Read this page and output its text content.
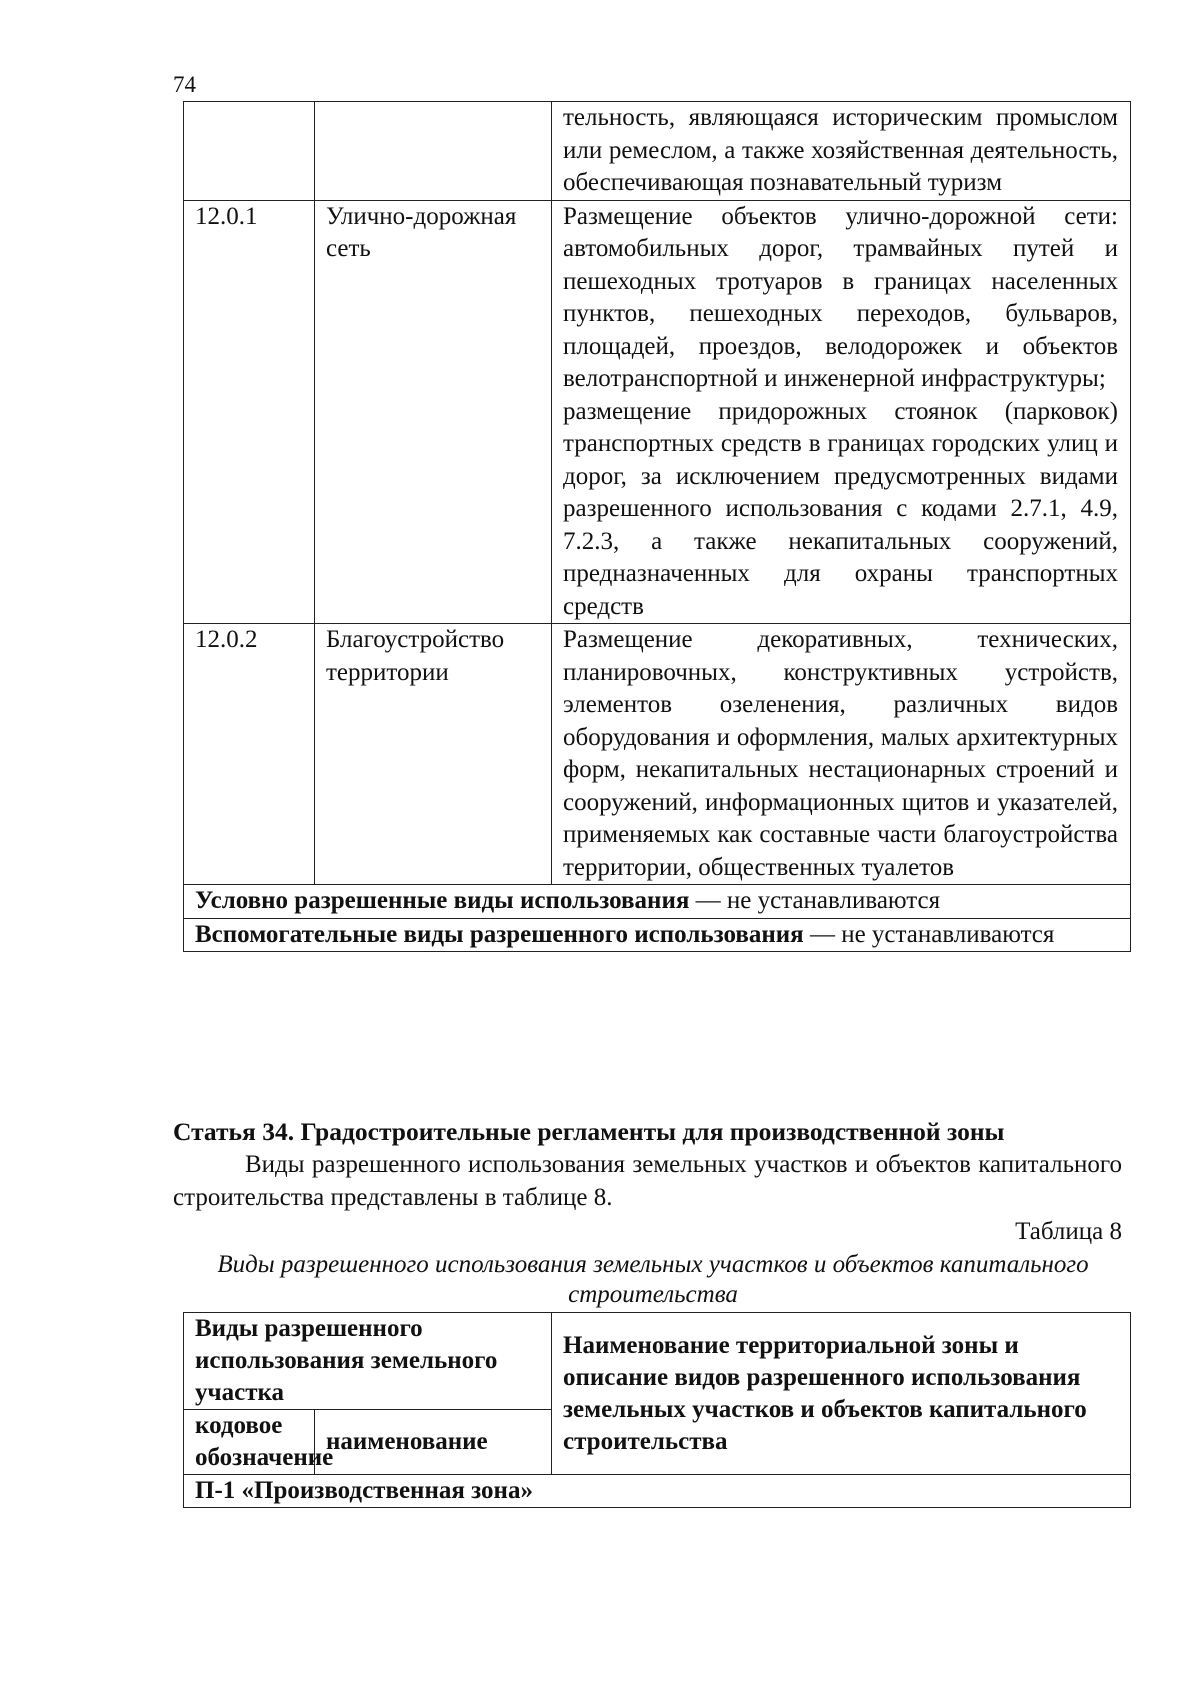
74
		тельность, являющаяся историческим промыслом или ремеслом, а также хозяйственная деятельность, обеспечивающая познавательный туризм
12.0.1	Улично-дорожная сеть	Размещение объектов улично-дорожной сети: автомобильных дорог, трамвайных путей и пешеходных тротуаров в границах населенных пунктов, пешеходных переходов, бульваров, площадей, проездов, велодорожек и объектов велотранспортной и инженерной инфраструктуры;
размещение придорожных стоянок (парковок) транспортных средств в границах городских улиц и дорог, за исключением предусмотренных видами разрешенного использования с кодами 2.7.1, 4.9, 7.2.3, а также некапитальных сооружений, предназначенных для охраны транспортных средств

12.0.2	Благоустройство территории	Размещение декоративных, технических, планировочных, конструктивных устройств, элементов озеленения, различных видов оборудования и оформления, малых архитектурных форм, некапитальных нестационарных строений и сооружений, информационных щитов и указателей, применяемых как составные части благоустройства территории, общественных туалетов
Условно разрешенные виды использования — не устанавливаются		
Вспомогательные виды разрешенного использования — не устанавливаются		
Статья 34. Градостроительные регламенты для производственной зоны
Виды разрешенного использования земельных участков и объектов капитального строительства представлены в таблице 8.
Таблица 8
Виды разрешенного использования земельных участков и объектов капитального строительства
Виды разрешенного использования земельного участка		Наименование территориальной зоны и описание видов разрешенного использования земельных участков и объектов капитального строительства
кодовое обозначение	наименование	
П-1 «Производственная зона»		
